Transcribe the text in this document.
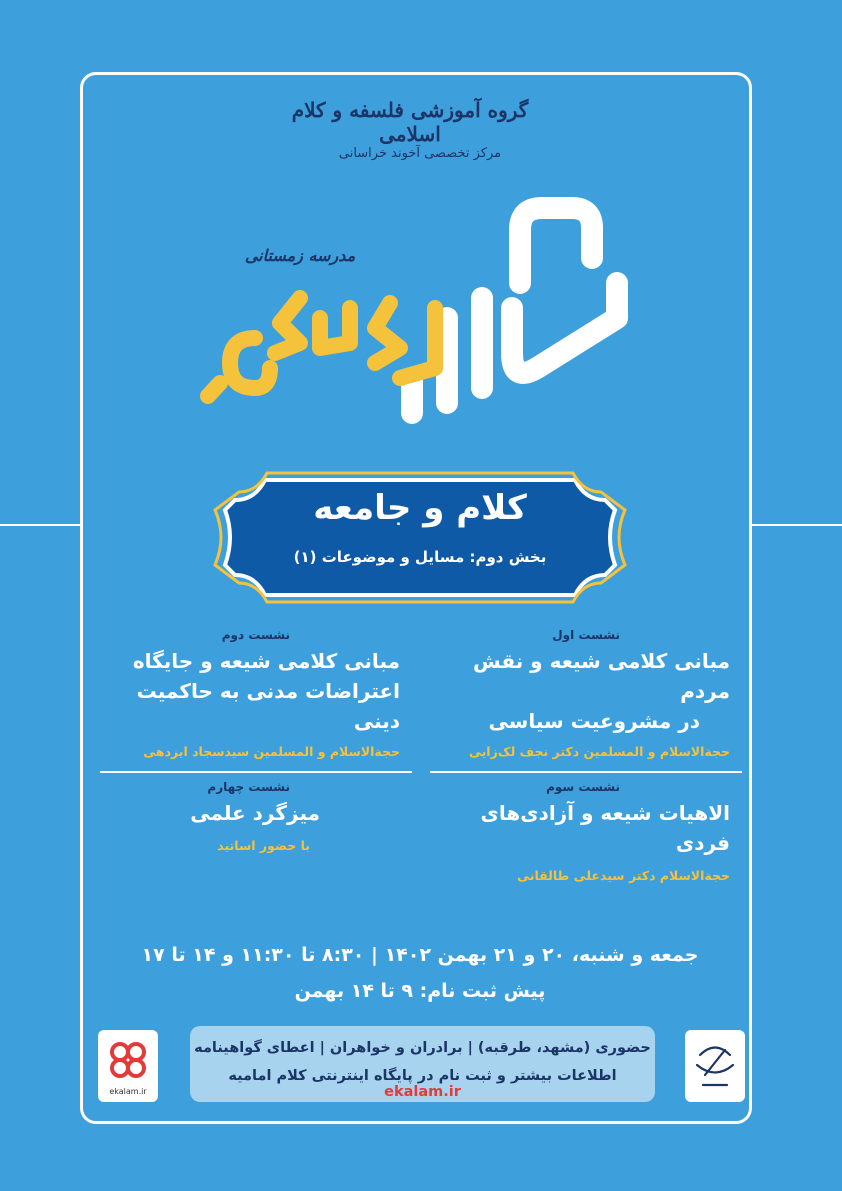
گروه آموزشی فلسفه و کلام اسلامی
مرکز تخصصی آخوند خراسانی
مدرسه زمستانی
کلام
کلام و جامعه
بخش دوم: مسایل و موضوعات (۱)
نشست اول
مبانی کلامی شیعه و نقش مردم
در مشروعیت سیاسی
حجة‌الاسلام و المسلمین دکتر نجف لک‌زایی
نشست دوم
مبانی کلامی شیعه و جایگاه
اعتراضات مدنی به حاکمیت دینی
حجة‌الاسلام و المسلمین سیدسجاد ایزدهی
نشست سوم
الاهیات شیعه و آزادی‌های فردی
حجة‌الاسلام دکتر سیدعلی طالقانی
نشست چهارم
میزگرد علمی
با حضور اساتید
جمعه و شنبه، ۲۰ و ۲۱ بهمن ۱۴۰۲ | ۸:۳۰ تا ۱۱:۳۰ و ۱۴ تا ۱۷
پیش ثبت نام: ۹ تا ۱۴ بهمن
حضوری (مشهد، طرقبه) | برادران و خواهران | اعطای گواهینامه
اطلاعات بیشتر و ثبت نام در پایگاه اینترنتی کلام امامیه ekalam.ir
ekalam.ir
